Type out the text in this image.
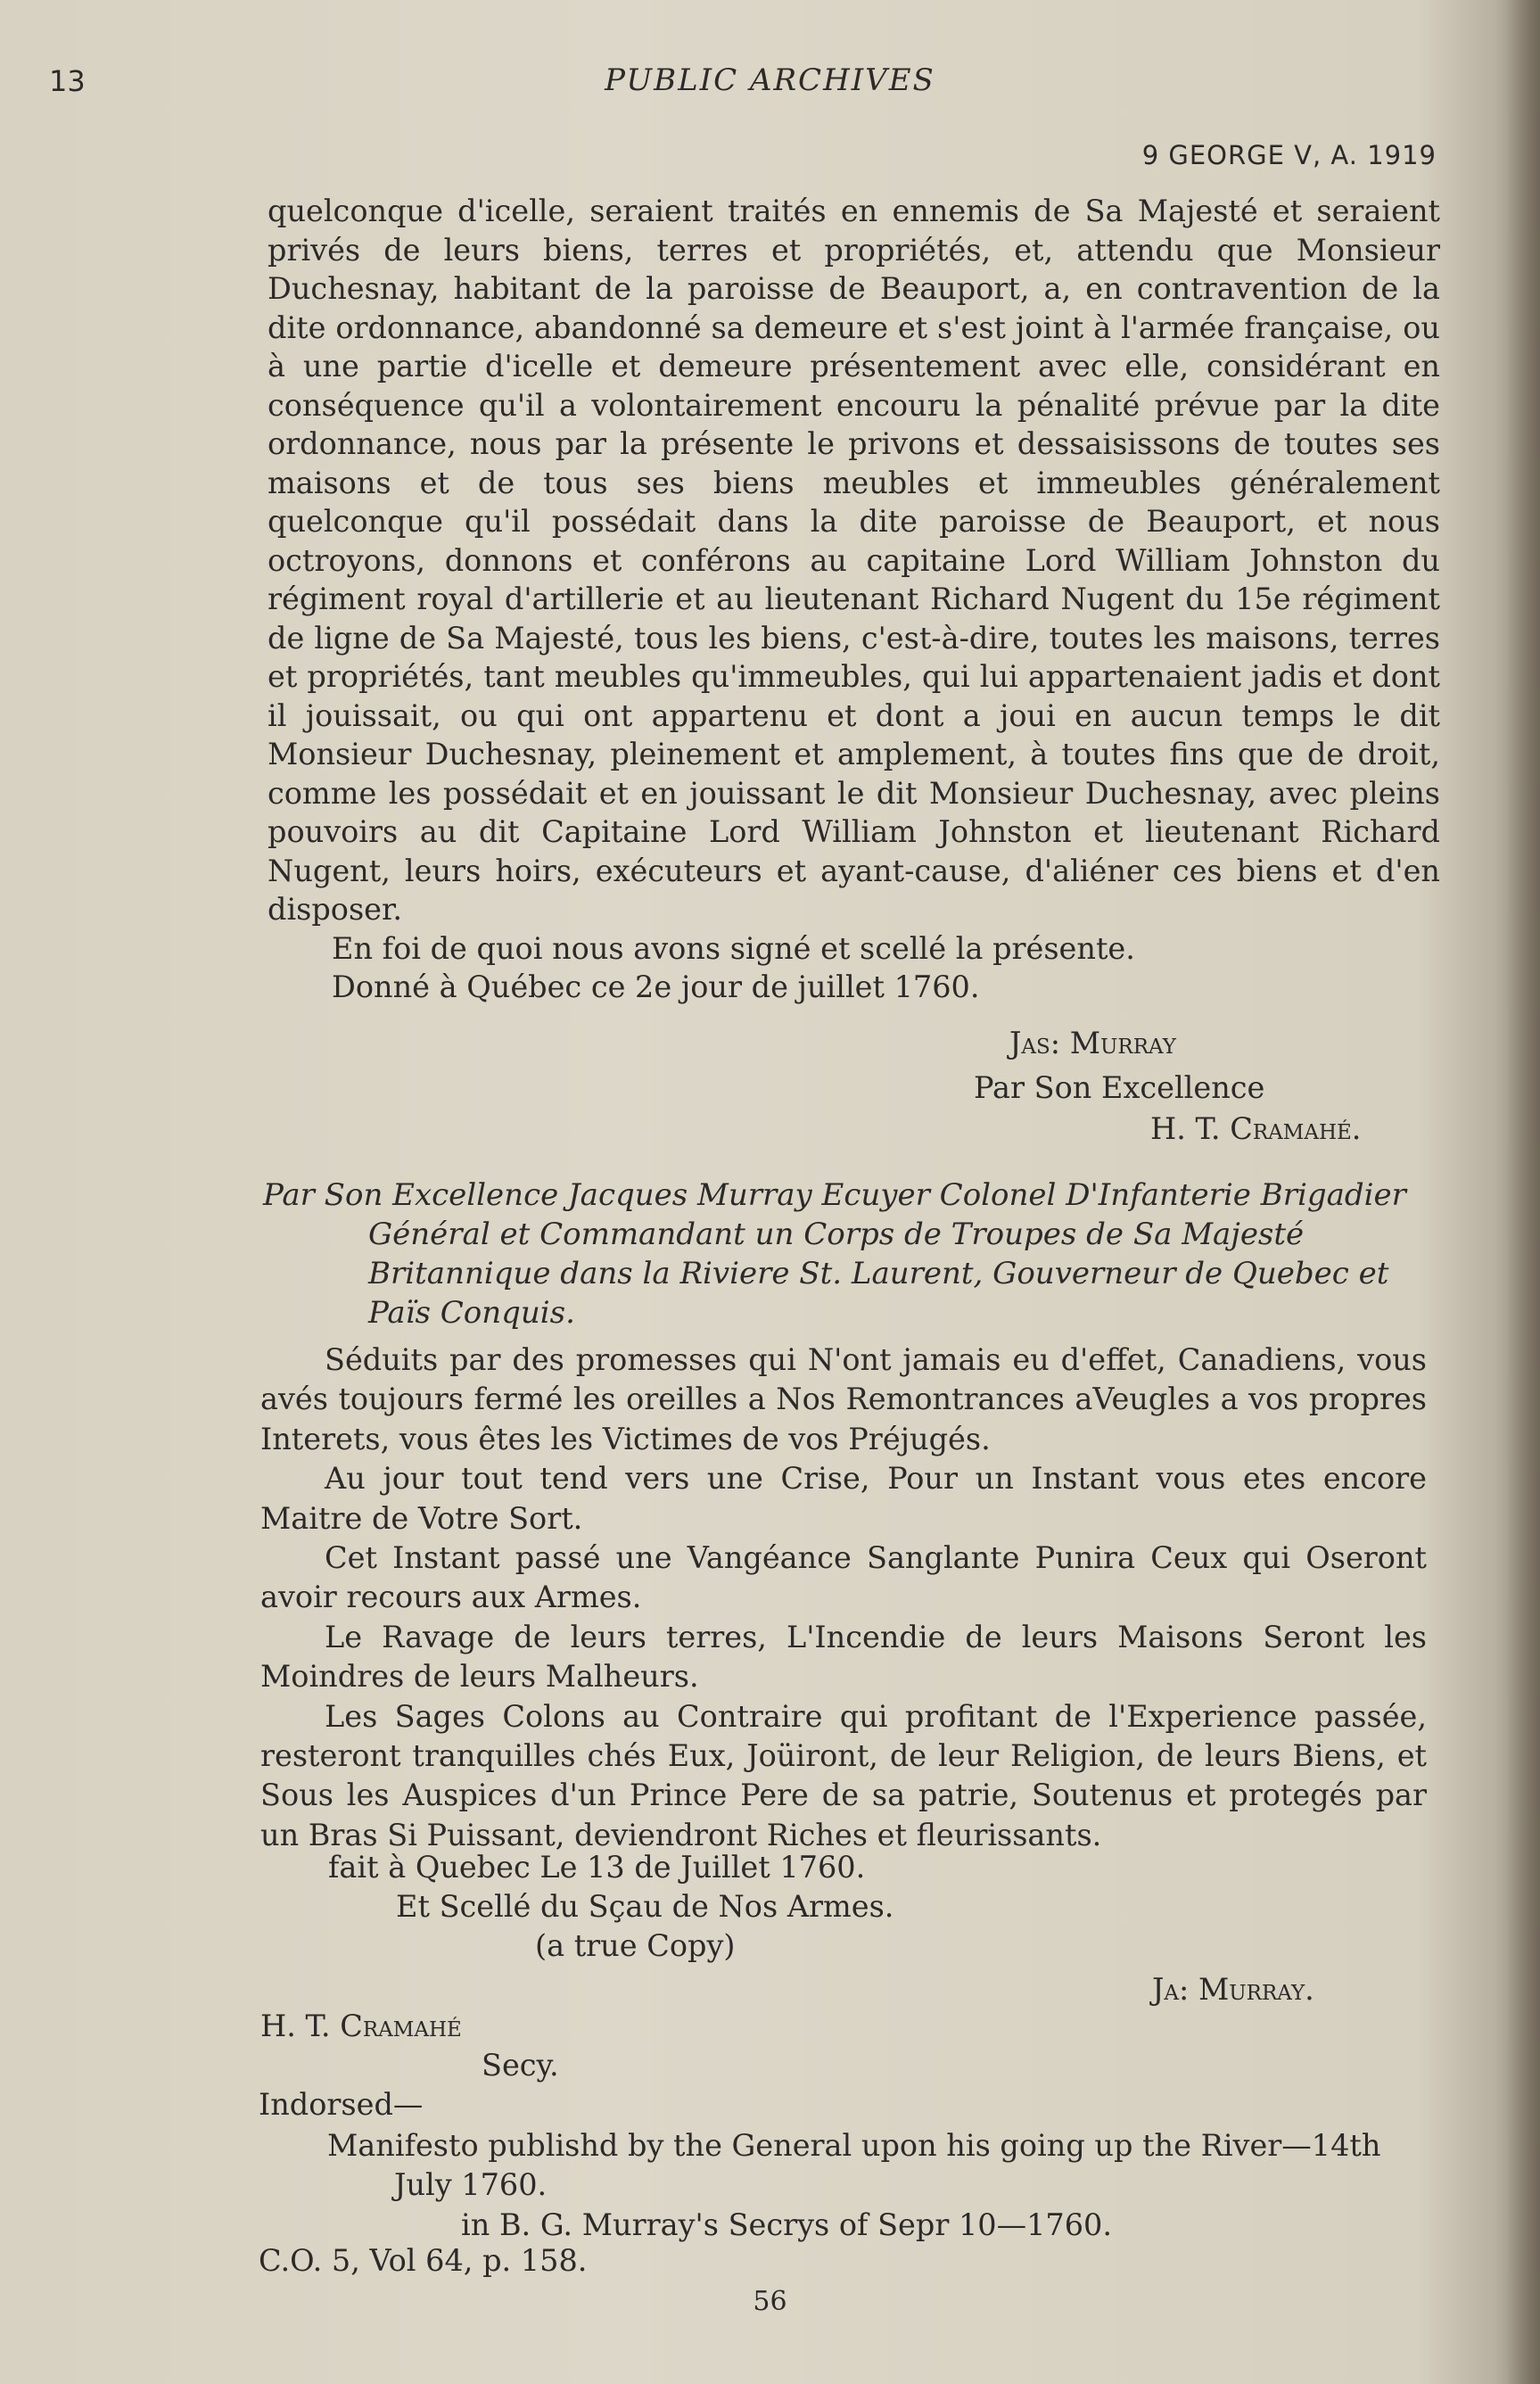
13	PUBLIC ARCHIVES
9 GEORGE V, A. 1919

quelconque d'icelle, seraient traités en ennemis de Sa Majesté et seraient privés de leurs biens, terres et propriétés, et, attendu que Monsieur Duchesnay, habitant de la paroisse de Beauport, a, en contravention de la dite ordonnance, abandonné sa demeure et s'est joint à l'armée française, ou à une partie d'icelle et demeure présentement avec elle, considérant en conséquence qu'il a volontairement encouru la pénalité prévue par la dite ordonnance, nous par la présente le privons et dessaisissons de toutes ses maisons et de tous ses biens meubles et immeubles généralement quelconque qu'il possédait dans la dite paroisse de Beauport, et nous octroyons, donnons et conférons au capitaine Lord William Johnston du régiment royal d'artillerie et au lieutenant Richard Nugent du 15e régiment de ligne de Sa Majesté, tous les biens, c'est-à-dire, toutes les maisons, terres et propriétés, tant meubles qu'immeubles, qui lui appartenaient jadis et dont il jouissait, ou qui ont appartenu et dont a joui en aucun temps le dit Monsieur Duchesnay, pleinement et amplement, à toutes fins que de droit, comme les possédait et en jouissant le dit Monsieur Duchesnay, avec pleins pouvoirs au dit Capitaine Lord William Johnston et lieutenant Richard Nugent, leurs hoirs, exécuteurs et ayant-cause, d'aliéner ces biens et d'en disposer.

En foi de quoi nous avons signé et scellé la présente.

Donné à Québec ce 2e jour de juillet 1760.

Jas: Murray
Par Son Excellence
H. T. Cramahé.
Par Son Excellence Jacques Murray Ecuyer Colonel D'Infanterie Brigadier Général et Commandant un Corps de Troupes de Sa Majesté Britannique dans la Riviere St. Laurent, Gouverneur de Quebec et Païs Conquis.

Séduits par des promesses qui N'ont jamais eu d'effet, Canadiens, vous avés toujours fermé les oreilles a Nos Remontrances aVeugles a vos propres Interets, vous êtes les Victimes de vos Préjugés.

Au jour tout tend vers une Crise, Pour un Instant vous etes encore Maitre de Votre Sort.

Cet Instant passé une Vangéance Sanglante Punira Ceux qui Oseront avoir recours aux Armes.

Le Ravage de leurs terres, L'Incendie de leurs Maisons Seront les Moindres de leurs Malheurs.

Les Sages Colons au Contraire qui profitant de l'Experience passée, resteront tranquilles chés Eux, Joüiront, de leur Religion, de leurs Biens, et Sous les Auspices d'un Prince Pere de sa patrie, Soutenus et protegés par un Bras Si Puissant, deviendront Riches et fleurissants.

fait à Quebec Le 13 de Juillet 1760.
Et Scellé du Sçau de Nos Armes.
(a true Copy)
Ja: Murray.
H. T. Cramahé
Secy.
Indorsed—
Manifesto publishd by the General upon his going up the River—14th
July 1760.
in B. G. Murray's Secrys of Sepr 10—1760.
C.O. 5, Vol 64, p. 158.
56
